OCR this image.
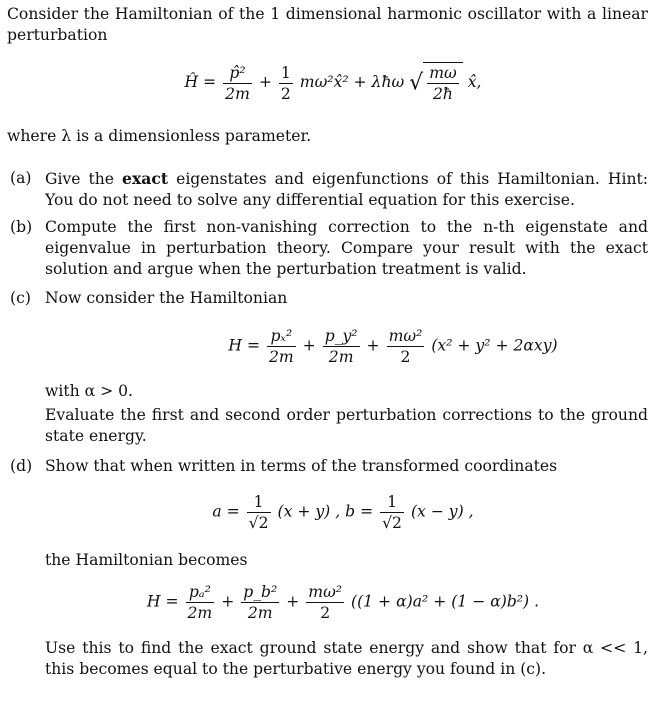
Consider the Hamiltonian of the 1 dimensional harmonic oscillator with a linear perturbation
Ĥ = $\frac{\text{p̂²}}{2m} + \frac{1}{2}$ mω²x̂² + λħω √ $\frac{m\omega}{2ħ}$ x̂,
where λ is a dimensionless parameter.
(a) Give the exact eigenstates and eigenfunctions of this Hamiltonian. Hint: You do not need to solve any differential equation for this exercise.
(b) Compute the first non-vanishing correction to the n-th eigenstate and eigenvalue in perturbation theory. Compare your result with the exact solution and argue when the perturbation treatment is valid.
(c) Now consider the Hamiltonian
$H = \frac{\text{pₓ²}}{2m} + \frac{\text{p\_y²}}{2m} + \frac{\text{mω²}}{2} (x^2 + y^2 + 2\alpha xy)$
with α > 0.
Evaluate the first and second order perturbation corrections to the ground state energy.
(d) Show that when written in terms of the transformed coordinates
$a = \frac{1}{√2} (x + y)$ , $b = \frac{1}{√2} (x - y)$ ,
the Hamiltonian becomes
$H = \frac{\text{pₐ²}}{2m} + \frac{\text{p\_b²}}{2m} + \frac{\text{mω²}}{2} ((1 + \alpha)a^2 + (1 - \alpha)b^2)$ .
Use this to find the exact ground state energy and show that for α << 1, this becomes equal to the perturbative energy you found in (c).
